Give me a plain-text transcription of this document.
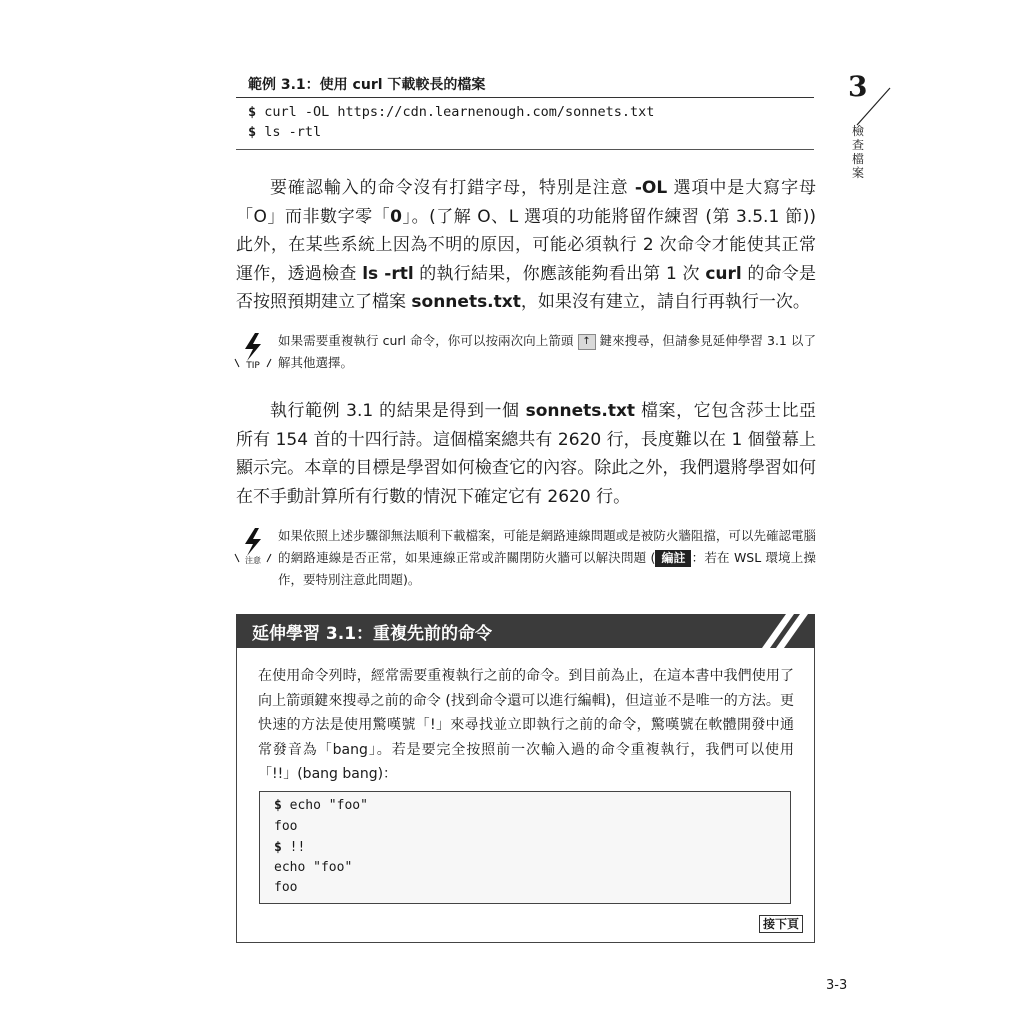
範例 3.1：使用 curl 下載較長的檔案
$ curl -OL https://cdn.learnenough.com/sonnets.txt
$ ls -rtl
3
檢查檔案
要確認輸入的命令沒有打錯字母，特別是注意 -OL 選項中是大寫字母「O」而非數字零「0」。(了解 O、L 選項的功能將留作練習 (第 3.5.1 節)) 此外，在某些系統上因為不明的原因，可能必須執行 2 次命令才能使其正常運作，透過檢查 ls -rtl 的執行結果，你應該能夠看出第 1 次 curl 的命令是否按照預期建立了檔案 sonnets.txt，如果沒有建立，請自行再執行一次。
TIP
如果需要重複執行 curl 命令，你可以按兩次向上箭頭 ↑ 鍵來搜尋，但請參見延伸學習 3.1 以了解其他選擇。
執行範例 3.1 的結果是得到一個 sonnets.txt 檔案，它包含莎士比亞所有 154 首的十四行詩。這個檔案總共有 2620 行，長度難以在 1 個螢幕上顯示完。本章的目標是學習如何檢查它的內容。除此之外，我們還將學習如何在不手動計算所有行數的情況下確定它有 2620 行。
注意
如果依照上述步驟卻無法順利下載檔案，可能是網路連線問題或是被防火牆阻擋，可以先確認電腦的網路連線是否正常，如果連線正常或許關閉防火牆可以解決問題 ( 編註 ：若在 WSL 環境上操作，要特別注意此問題)。
延伸學習 3.1：重複先前的命令
在使用命令列時，經常需要重複執行之前的命令。到目前為止，在這本書中我們使用了向上箭頭鍵來搜尋之前的命令 (找到命令還可以進行編輯)，但這並不是唯一的方法。更快速的方法是使用驚嘆號「!」來尋找並立即執行之前的命令，驚嘆號在軟體開發中通常發音為「bang」。若是要完全按照前一次輸入過的命令重複執行，我們可以使用「!!」(bang bang)：
$ echo "foo"
foo
$ !!
echo "foo"
foo
接下頁
3-3
